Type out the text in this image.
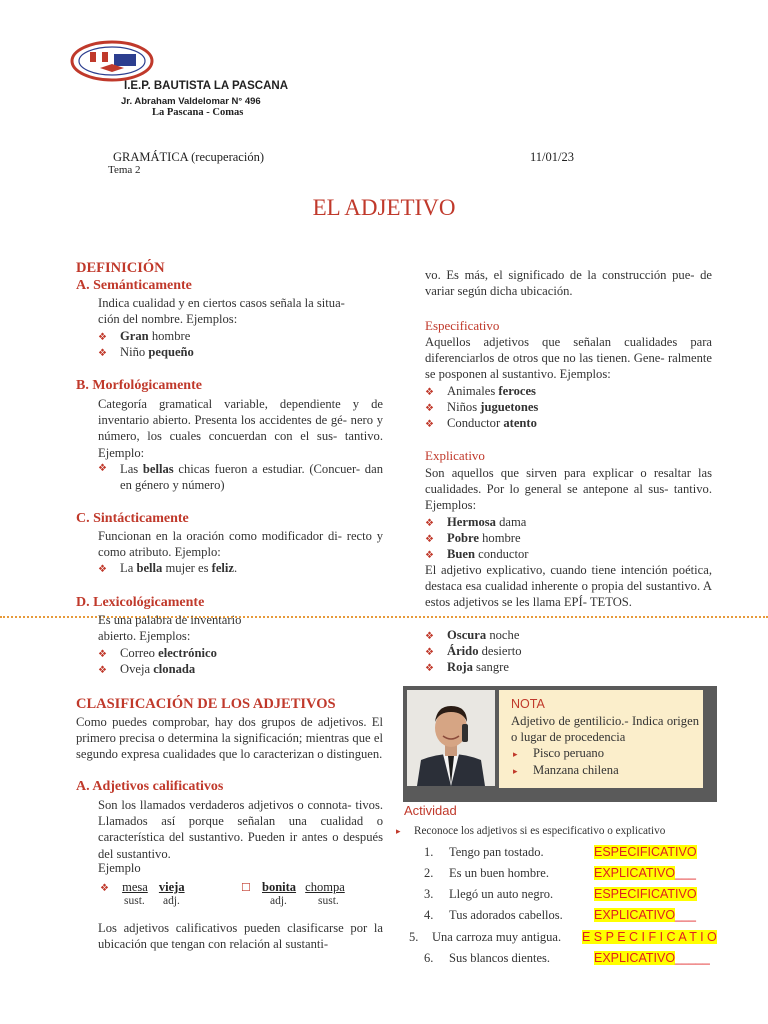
I.E.P. BAUTISTA LA PASCANA
Jr. Abraham Valdelomar N° 496
La Pascana - Comas
GRAMÁTICA (recuperación)	11/01/23
Tema 2
EL ADJETIVO
DEFINICIÓN
A. Semánticamente
Indica cualidad y en ciertos casos señala la situa- ción del nombre. Ejemplos:
❖ Gran hombre
❖ Niño pequeño
B. Morfológicamente
Categoría gramatical variable, dependiente y de inventario abierto. Presenta los accidentes de gé- nero y número, los cuales concuerdan con el sus- tantivo. Ejemplo:
❖	Las bellas chicas fueron a estudiar. (Concuer- dan en género y número)
C. Sintácticamente
Funcionan en la oración como modificador di- recto y como atributo. Ejemplo:
❖ La bella mujer es feliz.
D. Lexicológicamente
Es una palabra de inventario abierto. Ejemplos:
❖ Correo electrónico
❖ Oveja clonada
CLASIFICACIÓN DE LOS ADJETIVOS
Como puedes comprobar, hay dos grupos de adjetivos. El primero precisa o determina la significación; mientras que el segundo expresa cualidades que lo caracterizan o distinguen.
A. Adjetivos calificativos
Son los llamados verdaderos adjetivos o connota- tivos. Llamados así porque señalan una cualidad o característica del sustantivo. Pueden ir antes o después del sustantivo.
Ejemplo
❖ mesa vieja	☐ bonita chompa
sust. adj.	adj.	sust.
Los adjetivos calificativos pueden clasificarse por la ubicación que tengan con relación al sustanti-
vo. Es más, el significado de la construcción pue- de variar según dicha ubicación.
Especificativo
Aquellos adjetivos que señalan cualidades para diferenciarlos de otros que no las tienen. Gene- ralmente se posponen al sustantivo. Ejemplos:
❖ Animales feroces
❖ Niños juguetones
❖ Conductor atento
Explicativo
Son aquellos que sirven para explicar o resaltar las cualidades. Por lo general se antepone al sus- tantivo. Ejemplos:
❖ Hermosa dama
❖ Pobre hombre
❖ Buen conductor
El adjetivo explicativo, cuando tiene intención poética, destaca esa cualidad inherente o propia del sustantivo. A estos adjetivos se les llama EPÍ- TETOS.
❖ Oscura noche
❖ Árido desierto
❖ Roja sangre
NOTA
Adjetivo de gentilicio.- Indica origen o lugar de procedencia
▸ Pisco peruano
▸ Manzana chilena
Actividad
▸ Reconoce los adjetivos si es especificativo o explicativo
1. Tengo pan tostado.	ESPECIFICATIVO
2. Es un buen hombre.	EXPLICATIVO___
3. Llegó un auto negro.	ESPECIFICATIVO
4. Tus adorados cabellos. EXPLICATIVO___
5. Una carroza muy antigua. E S P E C I F I C A T I O
6. Sus blancos dientes.	EXPLICATIVO_____
